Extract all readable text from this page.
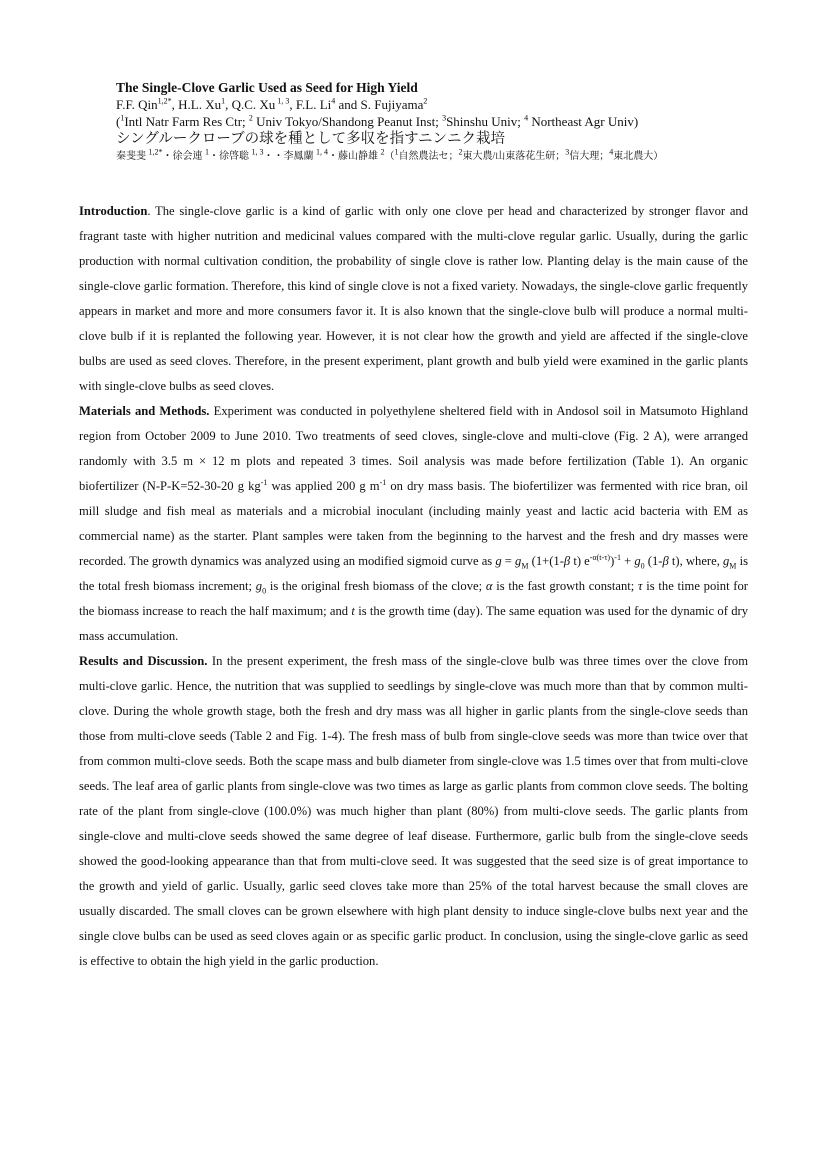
The Single-Clove Garlic Used as Seed for High Yield
F.F. Qin$^{1,2*}$, H.L. Xu$^1$, Q.C. Xu $^{1, 3}$, F.L. Li$^4$ and S. Fujiyama$^2$
($^1$Intl Natr Farm Res Ctr; $^2$ Univ Tokyo/Shandong Peanut Inst; $^3$Shinshu Univ; $^4$ Northeast Agr Univ)
シングルークローブの球を種として多収を指すニンニク栽培
秦斐斐 $^{1,2*}$・徐会連 $^1$・徐啓聡 $^{1, 3}$・・李鳳蘭 $^{1, 4}$・藤山静雄 $^2$（$^1$自然農法セ；$^2$東大農/山東落花生研；$^3$信大理；$^4$東北農大）

Introduction. The single-clove garlic is a kind of garlic with only one clove per head and characterized by stronger flavor and fragrant taste with higher nutrition and medicinal values compared with the multi-clove regular garlic. Usually, during the garlic production with normal cultivation condition, the probability of single clove is rather low. Planting delay is the main cause of the single-clove garlic formation. Therefore, this kind of single clove is not a fixed variety. Nowadays, the single-clove garlic frequently appears in market and more and more consumers favor it. It is also known that the single-clove bulb will produce a normal multi-clove bulb if it is replanted the following year. However, it is not clear how the growth and yield are affected if the single-clove bulbs are used as seed cloves. Therefore, in the present experiment, plant growth and bulb yield were examined in the garlic plants with single-clove bulbs as seed cloves.

Materials and Methods. Experiment was conducted in polyethylene sheltered field with in Andosol soil in Matsumoto Highland region from October 2009 to June 2010. Two treatments of seed cloves, single-clove and multi-clove (Fig. 2 A), were arranged randomly with 3.5 m × 12 m plots and repeated 3 times. Soil analysis was made before fertilization (Table 1). An organic biofertilizer (N-P-K=52-30-20 g $kg^{-1}$ was applied 200 g $m^{-1}$ on dry mass basis. The biofertilizer was fermented with rice bran, oil mill sludge and fish meal as materials and a microbial inoculant (including mainly yeast and lactic acid bacteria with EM as commercial name) as the starter. Plant samples were taken from the beginning to the harvest and the fresh and dry masses were recorded. The growth dynamics was analyzed using an modified sigmoid curve as $g = g_M$ (1+(1-β t) $e^{-\alpha(t-\tau)})^{-1} + g_0$ (1-β t), where, $g_M$ is the total fresh biomass increment; $g_0$ is the original fresh biomass of the clove; α is the fast growth constant; τ is the time point for the biomass increase to reach the half maximum; and t is the growth time (day). The same equation was used for the dynamic of dry mass accumulation.

Results and Discussion. In the present experiment, the fresh mass of the single-clove bulb was three times over the clove from multi-clove garlic. Hence, the nutrition that was supplied to seedlings by single-clove was much more than that by common multi-clove. During the whole growth stage, both the fresh and dry mass was all higher in garlic plants from the single-clove seeds than those from multi-clove seeds (Table 2 and Fig. 1-4). The fresh mass of bulb from single-clove seeds was more than twice over that from common multi-clove seeds. Both the scape mass and bulb diameter from single-clove was 1.5 times over that from multi-clove seeds. The leaf area of garlic plants from single-clove was two times as large as garlic plants from common clove seeds. The bolting rate of the plant from single-clove (100.0%) was much higher than plant (80%) from multi-clove seeds. The garlic plants from single-clove and multi-clove seeds showed the same degree of leaf disease. Furthermore, garlic bulb from the single-clove seeds showed the good-looking appearance than that from multi-clove seed. It was suggested that the seed size is of great importance to the growth and yield of garlic. Usually, garlic seed cloves take more than 25% of the total harvest because the small cloves are usually discarded. The small cloves can be grown elsewhere with high plant density to induce single-clove bulbs next year and the single clove bulbs can be used as seed cloves again or as specific garlic product. In conclusion, using the single-clove garlic as seed is effective to obtain the high yield in the garlic production.
